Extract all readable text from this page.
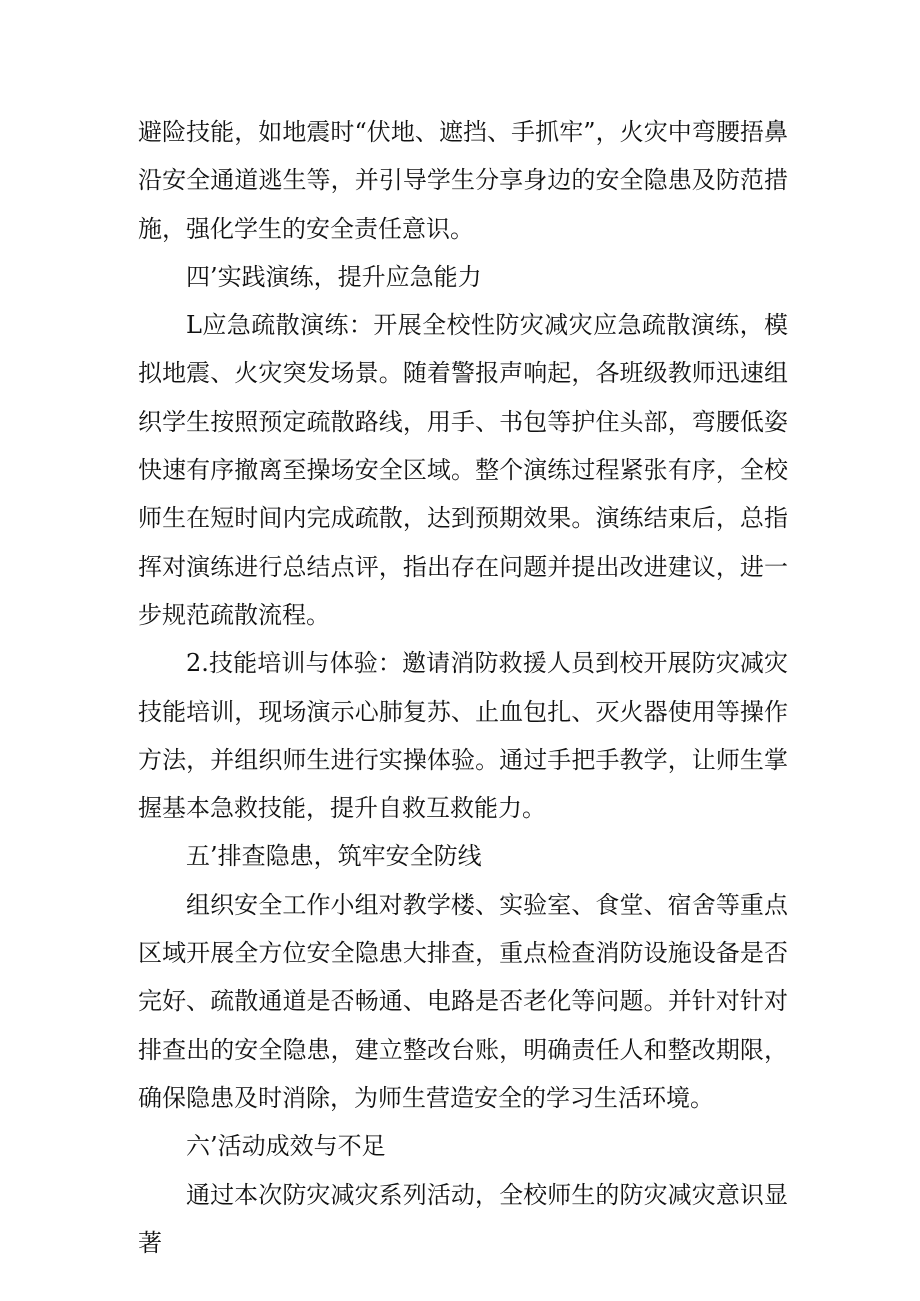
避险技能，如地震时“伏地、遮挡、手抓牢”，火灾中弯腰捂鼻沿安全通道逃生等，并引导学生分享身边的安全隐患及防范措施，强化学生的安全责任意识。

四’实践演练，提升应急能力

L应急疏散演练：开展全校性防灾减灾应急疏散演练，模拟地震、火灾突发场景。随着警报声响起，各班级教师迅速组织学生按照预定疏散路线，用手、书包等护住头部，弯腰低姿快速有序撤离至操场安全区域。整个演练过程紧张有序，全校师生在短时间内完成疏散，达到预期效果。演练结束后，总指挥对演练进行总结点评，指出存在问题并提出改进建议，进一步规范疏散流程。

2.技能培训与体验：邀请消防救援人员到校开展防灾减灾技能培训，现场演示心肺复苏、止血包扎、灭火器使用等操作方法，并组织师生进行实操体验。通过手把手教学，让师生掌握基本急救技能，提升自救互救能力。

五’排查隐患，筑牢安全防线

组织安全工作小组对教学楼、实验室、食堂、宿舍等重点区域开展全方位安全隐患大排查，重点检查消防设施设备是否完好、疏散通道是否畅通、电路是否老化等问题。并针对针对排查出的安全隐患，建立整改台账，明确责任人和整改期限，确保隐患及时消除，为师生营造安全的学习生活环境。

六’活动成效与不足

通过本次防灾减灾系列活动，全校师生的防灾减灾意识显著
